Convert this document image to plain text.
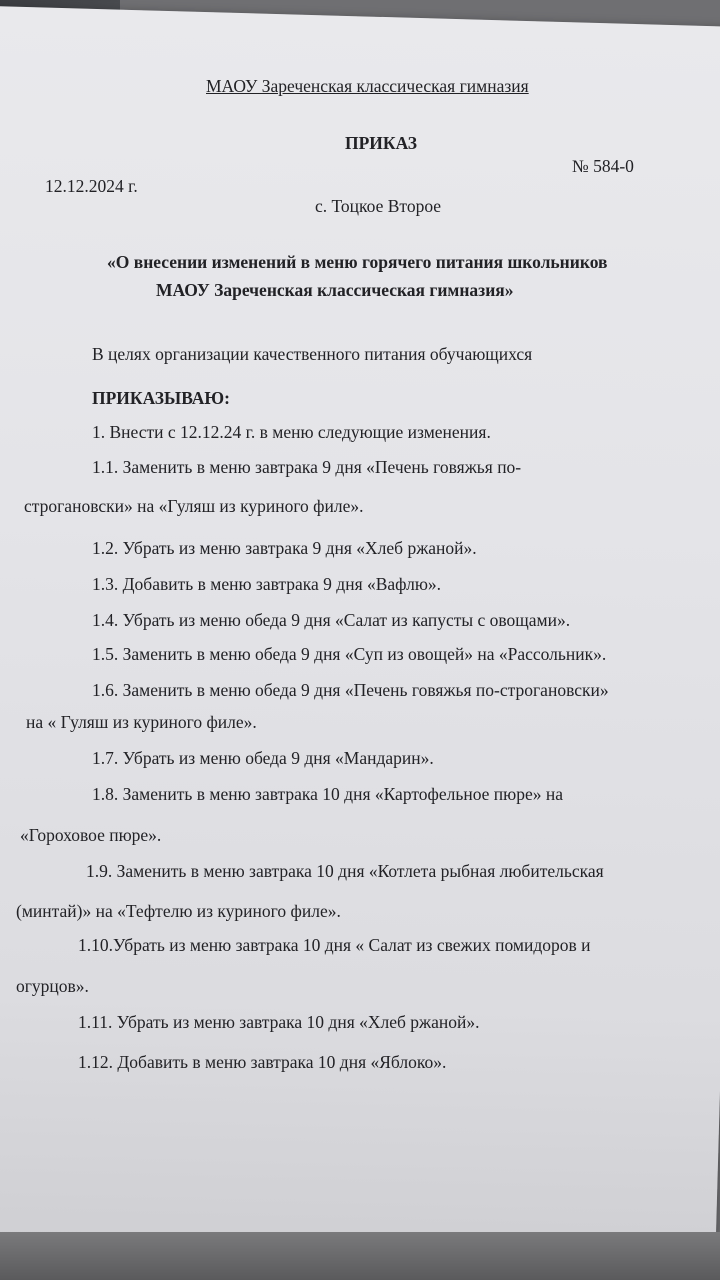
МАОУ Зареченская классическая гимназия
ПРИКАЗ
№ 584-0
12.12.2024 г.
с. Тоцкое Второе
«О внесении изменений в меню горячего питания школьников
МАОУ Зареченская классическая гимназия»
В целях организации качественного питания обучающихся
ПРИКАЗЫВАЮ:
1. Внести с 12.12.24 г. в меню следующие изменения.
1.1. Заменить в меню завтрака 9 дня «Печень говяжья по-
строгановски» на «Гуляш из куриного филе».
1.2. Убрать из меню завтрака 9 дня «Хлеб ржаной».
1.3. Добавить в меню завтрака 9 дня «Вафлю».
1.4. Убрать из меню обеда 9 дня «Салат из капусты с овощами».
1.5. Заменить в меню обеда 9 дня «Суп из овощей» на «Рассольник».
1.6. Заменить в меню обеда 9 дня «Печень говяжья по-строгановски»
на « Гуляш из куриного филе».
1.7. Убрать из меню обеда 9 дня «Мандарин».
1.8. Заменить в меню завтрака 10 дня «Картофельное пюре» на
«Гороховое пюре».
1.9. Заменить в меню завтрака 10 дня «Котлета рыбная любительская
(минтай)» на «Тефтелю из куриного филе».
1.10.Убрать из меню завтрака 10 дня « Салат из свежих помидоров и
огурцов».
1.11. Убрать из меню завтрака 10 дня «Хлеб ржаной».
1.12. Добавить в меню завтрака 10 дня «Яблоко».
